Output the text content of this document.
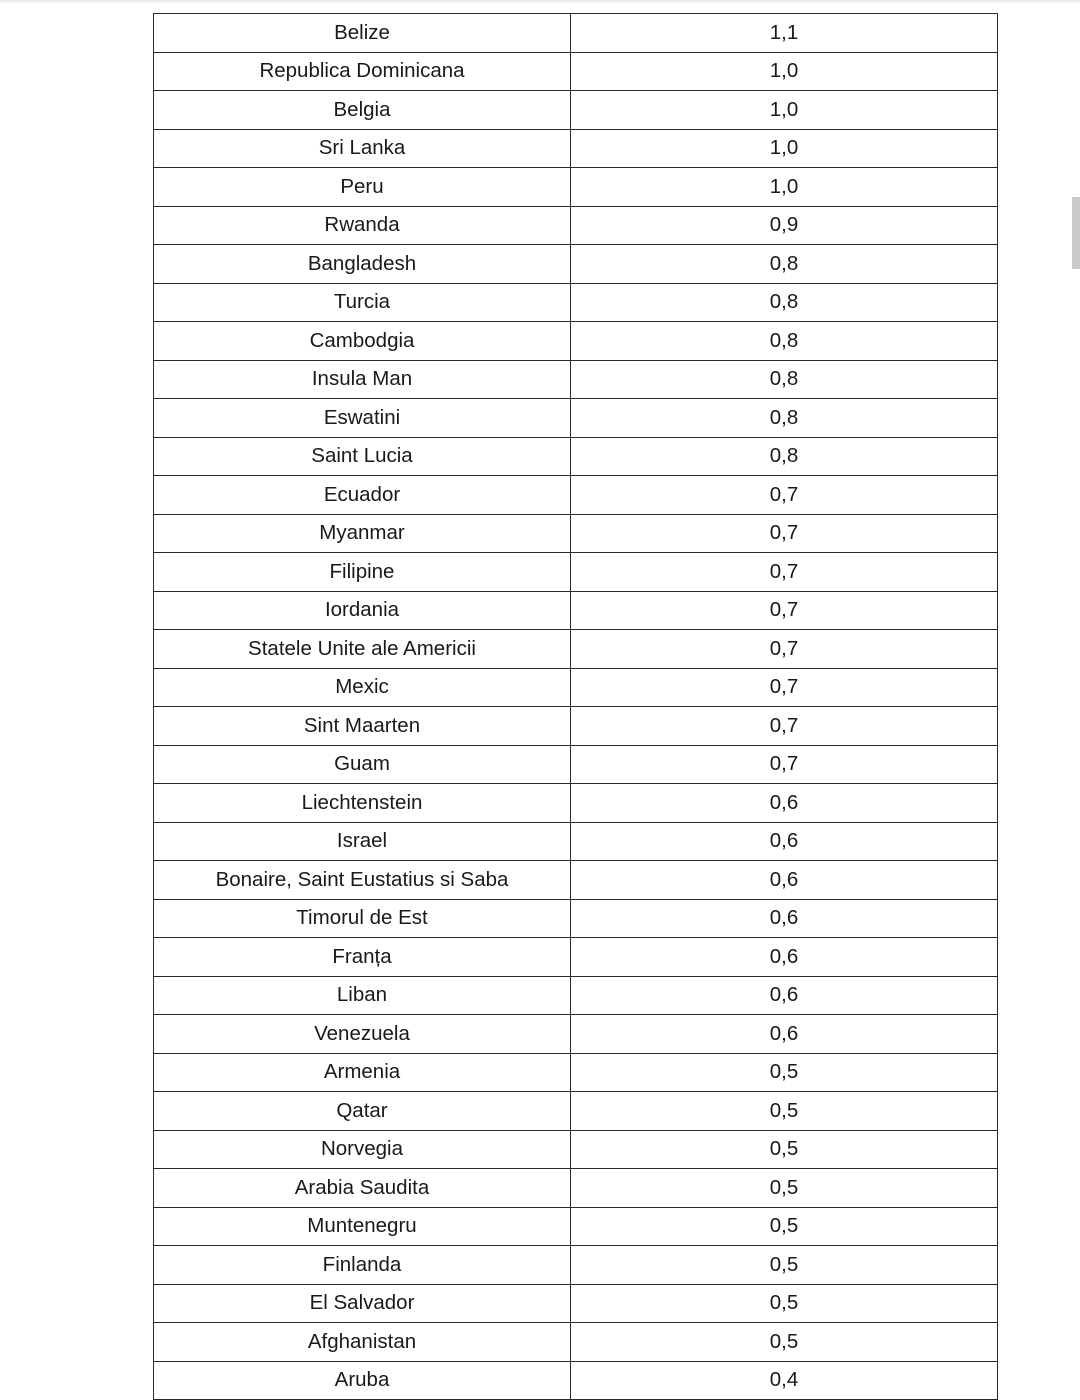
Belize	1,1
Republica Dominicana	1,0
Belgia	1,0
Sri Lanka	1,0
Peru	1,0
Rwanda	0,9
Bangladesh	0,8
Turcia	0,8
Cambodgia	0,8
Insula Man	0,8
Eswatini	0,8
Saint Lucia	0,8
Ecuador	0,7
Myanmar	0,7
Filipine	0,7
Iordania	0,7
Statele Unite ale Americii	0,7
Mexic	0,7
Sint Maarten	0,7
Guam	0,7
Liechtenstein	0,6
Israel	0,6
Bonaire, Saint Eustatius si Saba	0,6
Timorul de Est	0,6
Franța	0,6
Liban	0,6
Venezuela	0,6
Armenia	0,5
Qatar	0,5
Norvegia	0,5
Arabia Saudita	0,5
Muntenegru	0,5
Finlanda	0,5
El Salvador	0,5
Afghanistan	0,5
Aruba	0,4
